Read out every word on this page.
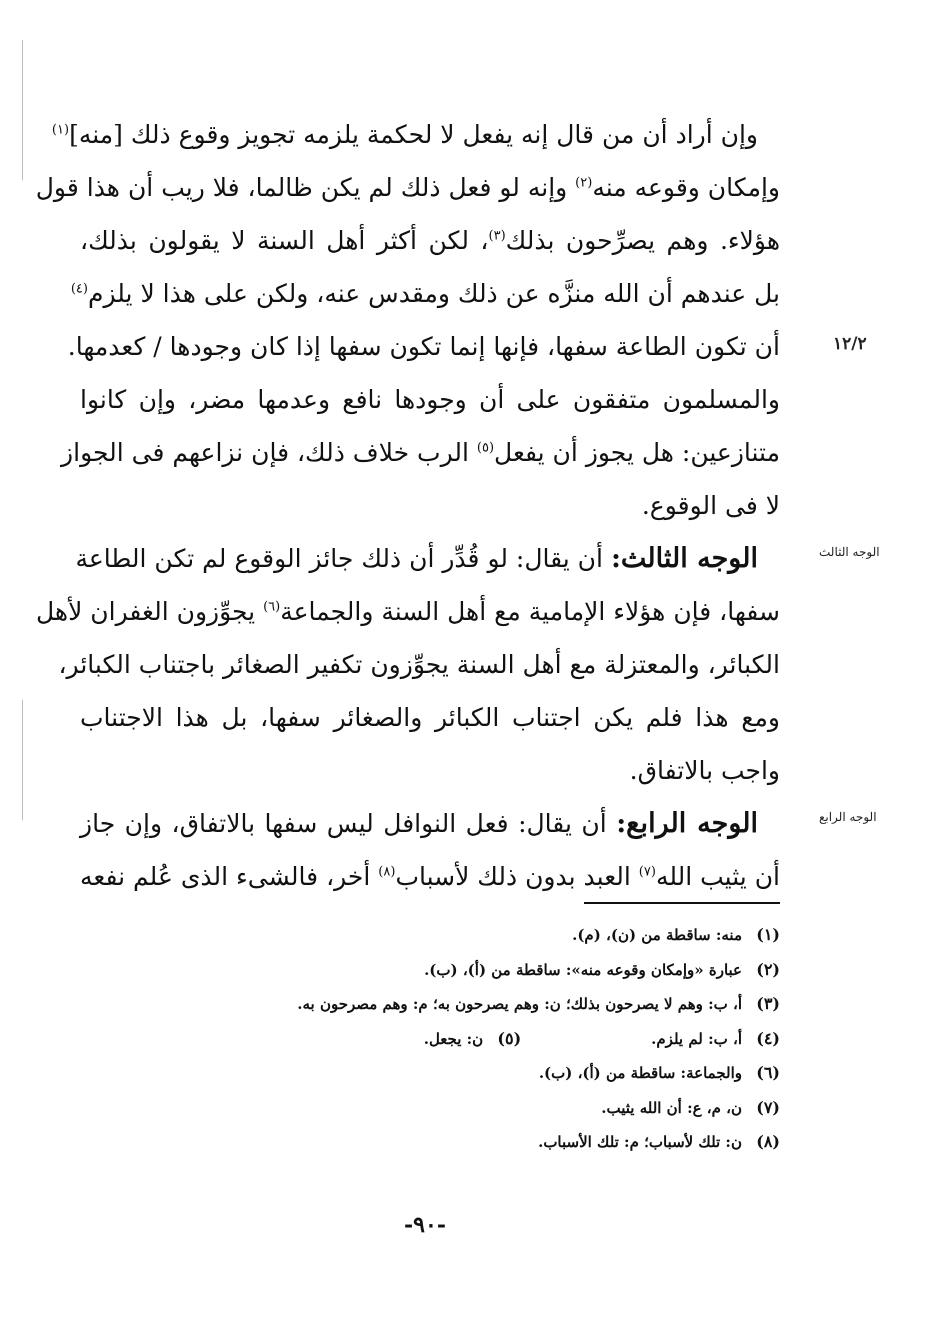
١٢/٢
الوجه الثالث
الوجه الرابع
وإن أراد أن من قال إنه يفعل لا لحكمة يلزمه تجويز وقوع ذلك [منه]$^{(١)}$
وإمكان وقوعه منه$^{(٢)}$ وإنه لو فعل ذلك لم يكن ظالما، فلا ريب أن هذا قول
هؤلاء. وهم يصرِّحون بذلك$^{(٣)}$، لكن أكثر أهل السنة لا يقولون بذلك،
بل عندهم أن الله منزَّه عن ذلك ومقدس عنه، ولكن على هذا لا يلزم$^{(٤)}$
أن تكون الطاعة سفها، فإنها إنما تكون سفها إذا كان وجودها / كعدمها.
والمسلمون متفقون على أن وجودها نافع وعدمها مضر، وإن كانوا
متنازعين: هل يجوز أن يفعل$^{(٥)}$ الرب خلاف ذلك، فإن نزاعهم فى الجواز
لا فى الوقوع.
الوجه الثالث: أن يقال: لو قُدِّر أن ذلك جائز الوقوع لم تكن الطاعة
سفها، فإن هؤلاء الإمامية مع أهل السنة والجماعة$^{(٦)}$ يجوِّزون الغفران لأهل
الكبائر، والمعتزلة مع أهل السنة يجوِّزون تكفير الصغائر باجتناب الكبائر،
ومع هذا فلم يكن اجتناب الكبائر والصغائر سفها، بل هذا الاجتناب
واجب بالاتفاق.
الوجه الرابع: أن يقال: فعل النوافل ليس سفها بالاتفاق، وإن جاز
أن يثيب الله$^{(٧)}$ العبد بدون ذلك لأسباب$^{(٨)}$ أخر، فالشىء الذى عُلم نفعه
(١)
منه: ساقطة من (ن)، (م).
(٢)
عبارة «وإمكان وقوعه منه»: ساقطة من (أ)، (ب).
(٣)
أ، ب: وهم لا يصرحون بذلك؛ ن: وهم يصرحون به؛ م: وهم مصرحون به.
(٤)
أ، ب: لم يلزم.
(٥)
ن: يجعل.
(٦)
والجماعة: ساقطة من (أ)، (ب).
(٧)
ن، م، ع: أن الله يثيب.
(٨)
ن: تلك لأسباب؛ م: تلك الأسباب.
-٩٠-
